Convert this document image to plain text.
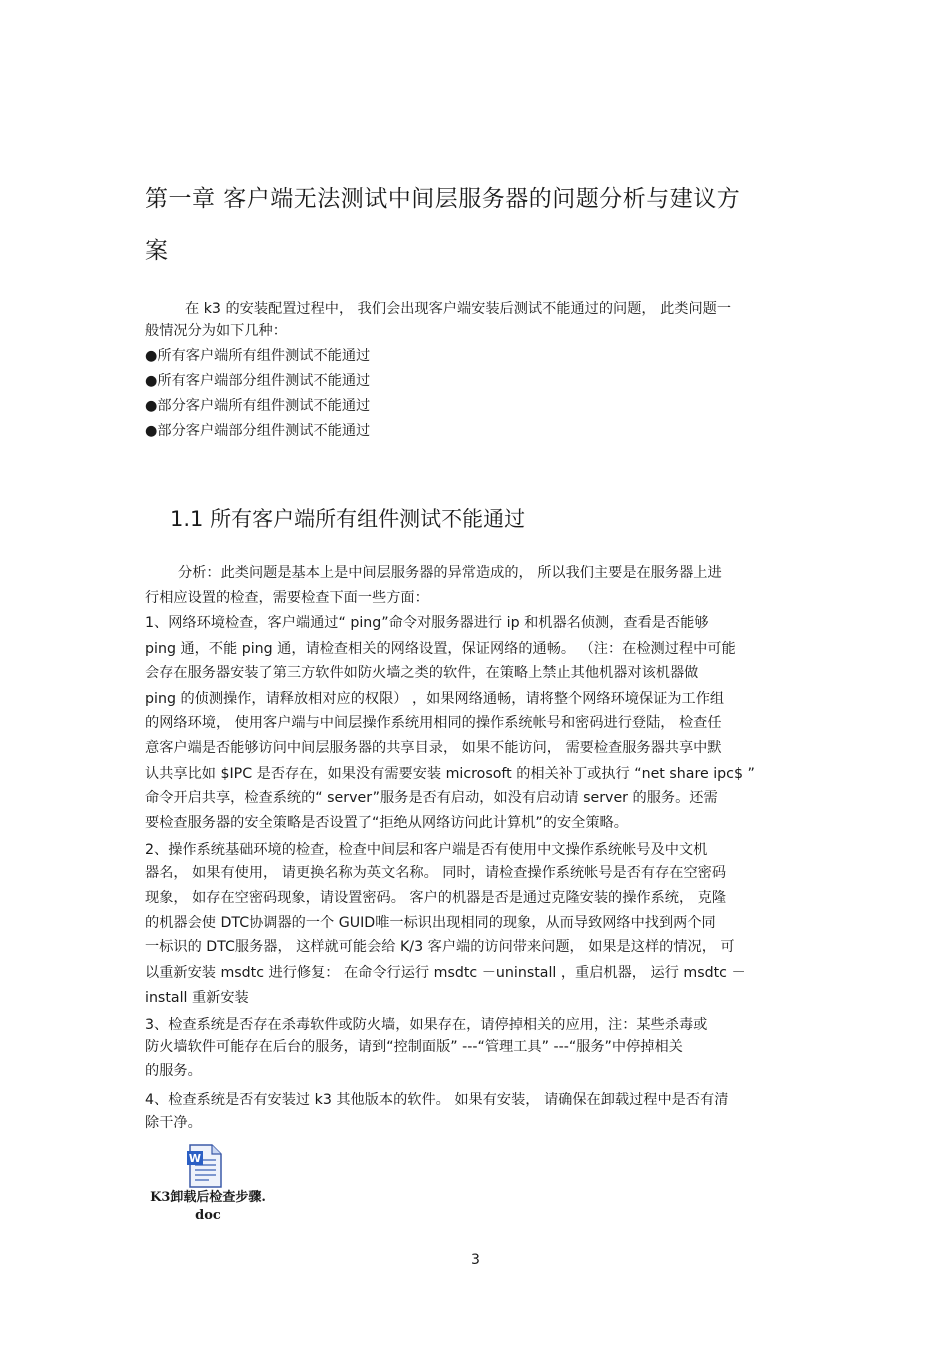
第一章 客户端无法测试中间层服务器的问题分析与建议方
案
在 k3 的安装配置过程中， 我们会出现客户端安装后测试不能通过的问题， 此类问题一
般情况分为如下几种：
●所有客户端所有组件测试不能通过
●所有客户端部分组件测试不能通过
●部分客户端所有组件测试不能通过
●部分客户端部分组件测试不能通过
1.1 所有客户端所有组件测试不能通过
分析：此类问题是基本上是中间层服务器的异常造成的， 所以我们主要是在服务器上进
行相应设置的检查，需要检查下面一些方面：
1、网络环境检查，客户端通过“ ping”命令对服务器进行 ip 和机器名侦测，查看是否能够
ping 通，不能 ping 通，请检查相关的网络设置，保证网络的通畅。 （注：在检测过程中可能
会存在服务器安装了第三方软件如防火墙之类的软件，在策略上禁止其他机器对该机器做
ping 的侦测操作，请释放相对应的权限） ，如果网络通畅，请将整个网络环境保证为工作组
的网络环境， 使用客户端与中间层操作系统用相同的操作系统帐号和密码进行登陆， 检查任
意客户端是否能够访问中间层服务器的共享目录， 如果不能访问， 需要检查服务器共享中默
认共享比如 $IPC 是否存在，如果没有需要安装 microsoft 的相关补丁或执行 “net share ipc$ ”
命令开启共享，检查系统的“ server”服务是否有启动，如没有启动请 server 的服务。还需
要检查服务器的安全策略是否设置了“拒绝从网络访问此计算机”的安全策略。
2、操作系统基础环境的检查，检查中间层和客户端是否有使用中文操作系统帐号及中文机
器名， 如果有使用， 请更换名称为英文名称。 同时，请检查操作系统帐号是否有存在空密码
现象， 如存在空密码现象，请设置密码。 客户的机器是否是通过克隆安装的操作系统， 克隆
的机器会使 DTC协调器的一个 GUID唯一标识出现相同的现象，从而导致网络中找到两个同
一标识的 DTC服务器， 这样就可能会给 K/3 客户端的访问带来问题， 如果是这样的情况， 可
以重新安装 msdtc 进行修复： 在命令行运行 msdtc －uninstall ，重启机器， 运行 msdtc －
install 重新安装
3、检查系统是否存在杀毒软件或防火墙，如果存在，请停掉相关的应用，注：某些杀毒或
防火墙软件可能存在后台的服务，请到“控制面版” ---“管理工具” ---“服务”中停掉相关
的服务。
4、检查系统是否有安装过 k3 其他版本的软件。 如果有安装， 请确保在卸载过程中是否有清
除干净。
W
K3卸载后检查步骤.
doc
3
